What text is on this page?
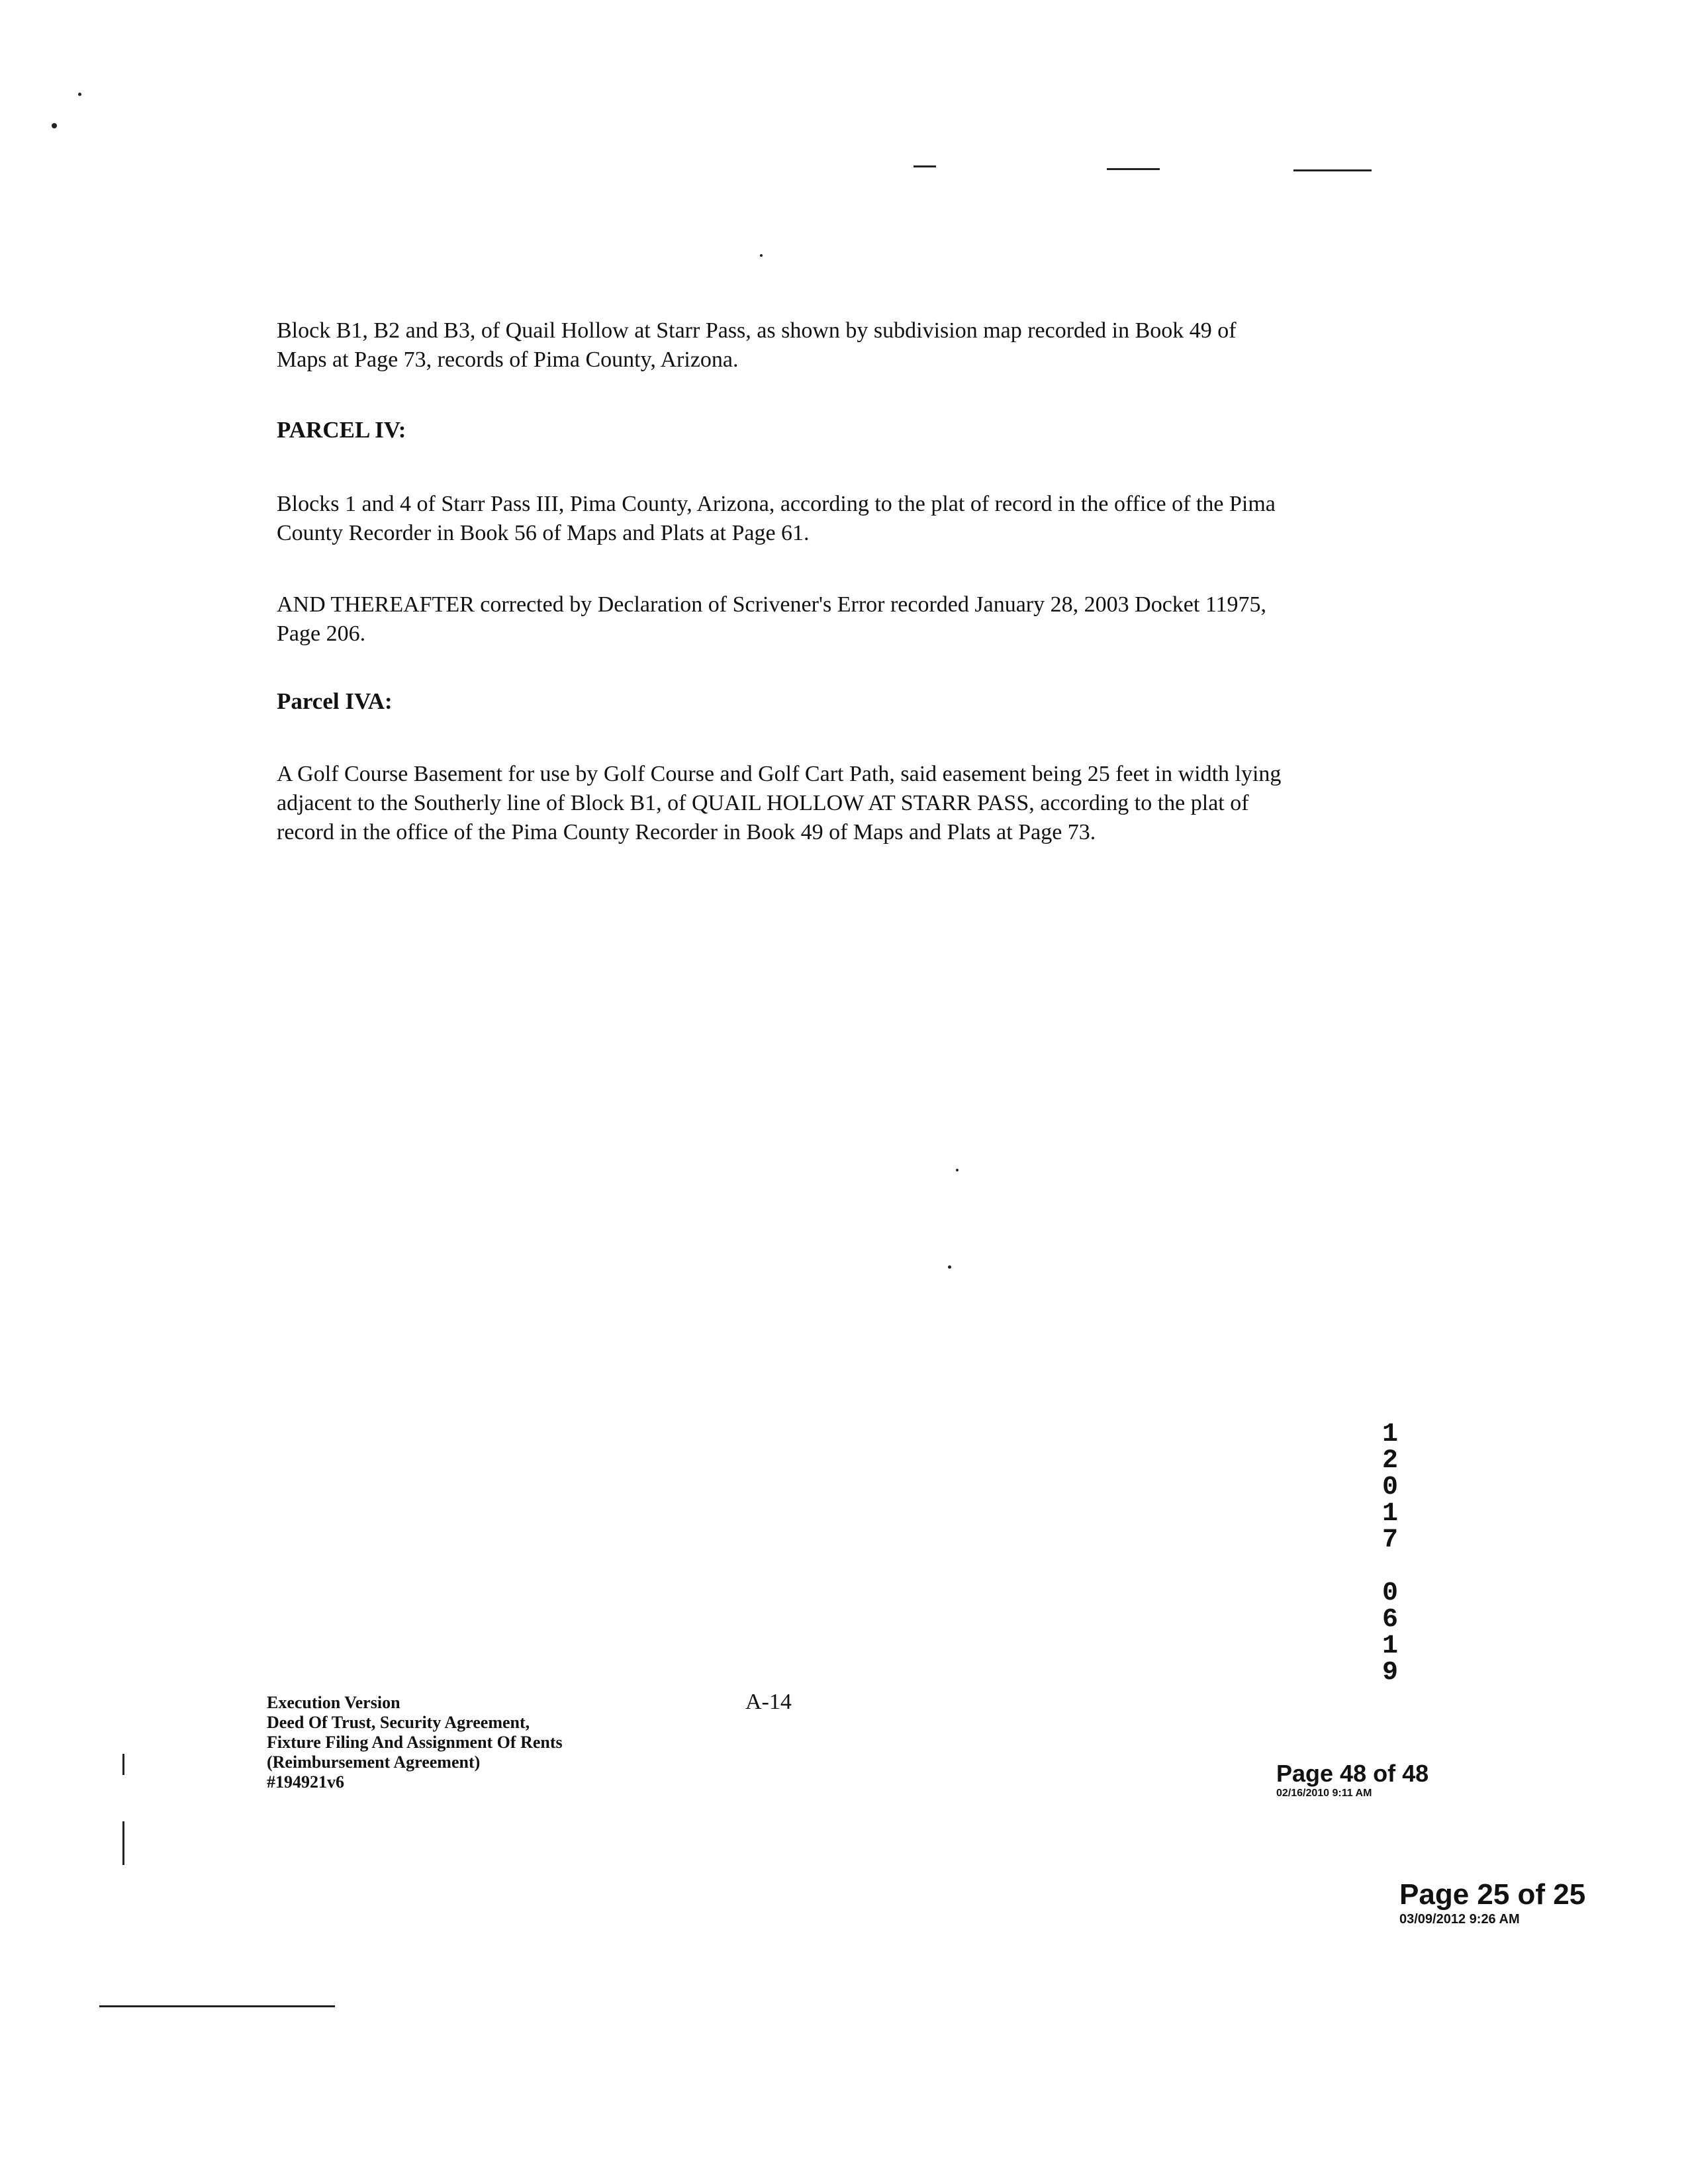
Block B1, B2 and B3, of Quail Hollow at Starr Pass, as shown by subdivision map recorded in Book 49 of Maps at Page 73, records of Pima County, Arizona.

PARCEL IV:

Blocks 1 and 4 of Starr Pass III, Pima County, Arizona, according to the plat of record in the office of the Pima County Recorder in Book 56 of Maps and Plats at Page 61.

AND THEREAFTER corrected by Declaration of Scrivener's Error recorded January 28, 2003 Docket 11975, Page 206.

Parcel IVA:

A Golf Course Basement for use by Golf Course and Golf Cart Path, said easement being 25 feet in width lying adjacent to the Southerly line of Block B1, of QUAIL HOLLOW AT STARR PASS, according to the plat of record in the office of the Pima County Recorder in Book 49 of Maps and Plats at Page 73.

1
2
0
1
7
0
6
1
9
Execution Version
Deed Of Trust, Security Agreement,
Fixture Filing And Assignment Of Rents
(Reimbursement Agreement)
#194921v6
A-14
Page 48 of 48
02/16/2010 9:11 AM
Page 25 of 25
03/09/2012 9:26 AM
